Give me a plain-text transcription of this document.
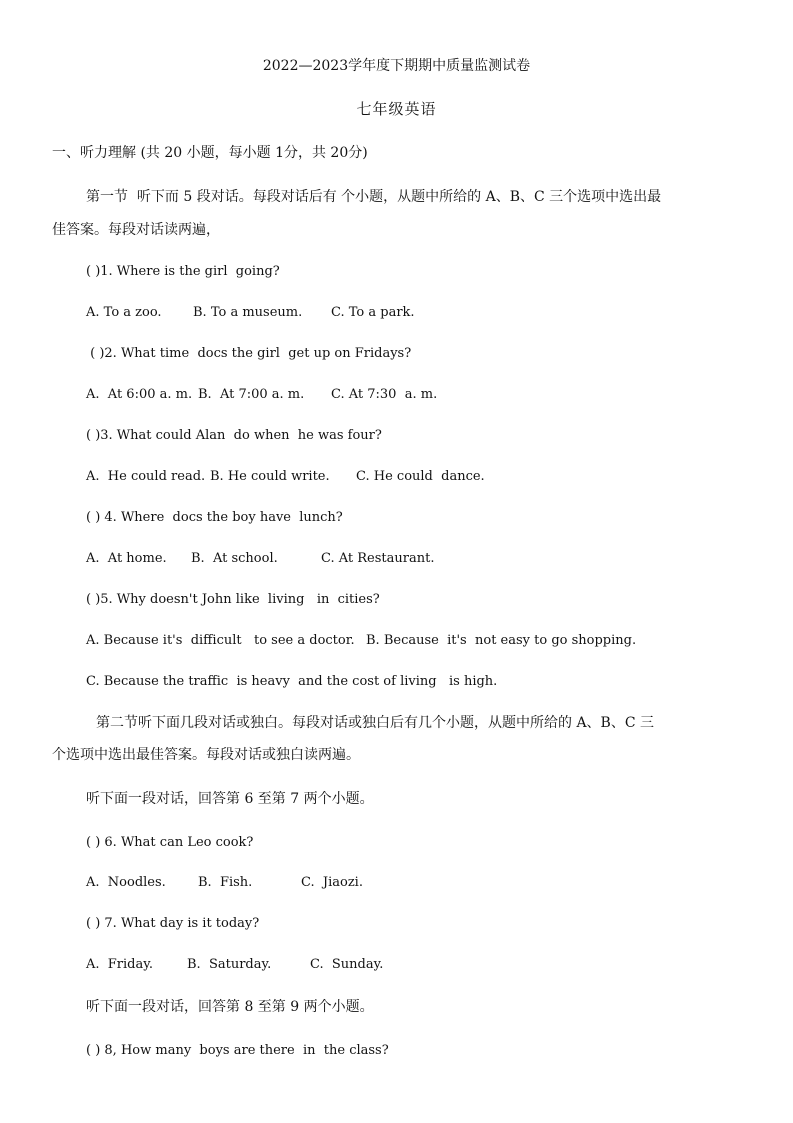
2022—2023学年度下期期中质量监测试卷
七年级英语
一、听力理解 (共 20 小题，每小题 1分，共 20分)
第一节  听下而 5 段对话。每段对话后有 个小题，从题中所给的 A、B、C 三个选项中选出最
佳答案。每段对话读两遍，
( )1. Where is the girl  going?
A. To a zoo. B. To a museum. C. To a park.
( )2. What time  docs the girl  get up on Fridays?
A.  At 6:00 a. m. B.  At 7:00 a. m. C. At 7:30  a. m.
( )3. What could Alan  do when  he was four?
A.  He could read. B. He could write. C. He could  dance.
( ) 4. Where  docs the boy have  lunch?
A.  At home. B.  At school.	C. At Restaurant.
( )5. Why doesn't John like  living   in  cities?
A. Because it's  difficult   to see a doctor. B. Because  it's  not easy to go shopping.
C. Because the traffic  is heavy  and the cost of living   is high.
第二节听下面几段对话或独白。每段对话或独白后有几个小题，从题中所给的 A、B、C 三
个选项中选出最佳答案。每段对话或独白读两遍。
听下面一段对话，回答第 6 至第 7 两个小题。
( ) 6. What can Leo cook?
A.  Noodles. B.  Fish.	C.  Jiaozi.
( ) 7. What day is it today?
A.  Friday.	B.  Saturday.	C.  Sunday.
听下面一段对话，回答第 8 至第 9 两个小题。
( ) 8, How many  boys are there  in  the class?
